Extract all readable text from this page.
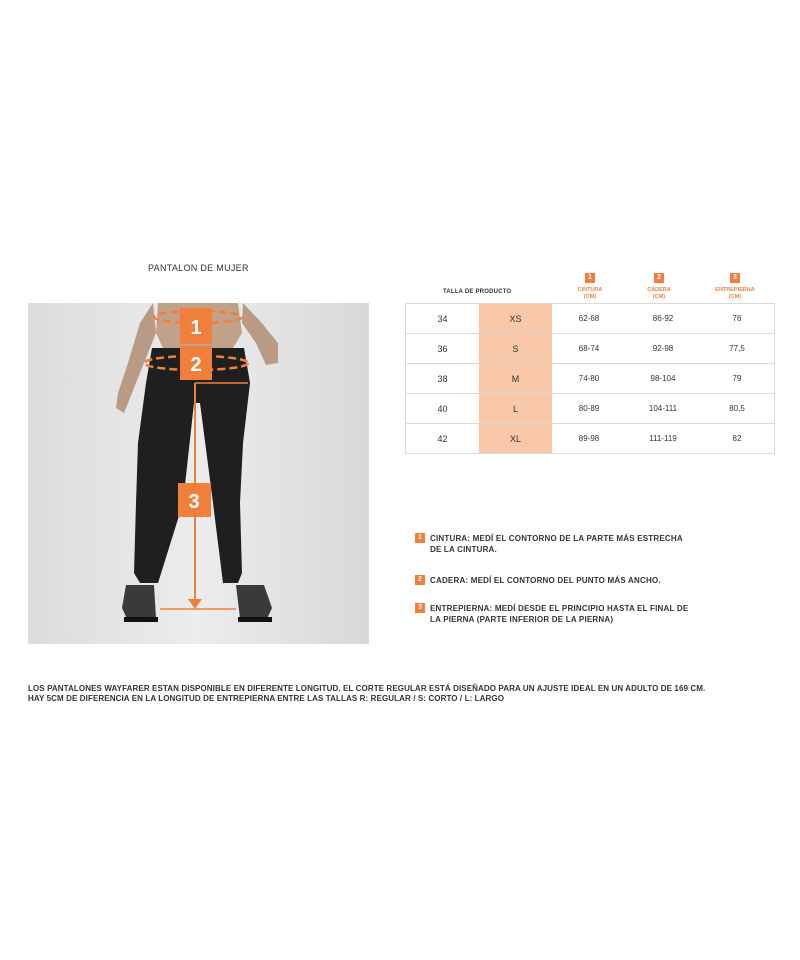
PANTALON DE MUJER
1
2
3
TALLA DE PRODUCTO
1
CINTURA
(CM)
2
CADERA
(CM)
3
ENTREPIERNA
(CM)
34	XS	62-68	86-92	76
36	S	68-74	92-98	77,5
38	M	74-80	98-104	79
40	L	80-89	104-111	80,5
42	XL	89-98	111-119	82
1 CINTURA: MEDÍ EL CONTORNO DE LA PARTE MÁS ESTRECHA
DE LA CINTURA.
2 CADERA: MEDÍ EL CONTORNO DEL PUNTO MÁS ANCHO.
3 ENTREPIERNA: MEDÍ DESDE EL PRINCIPIO HASTA EL FINAL DE
LA PIERNA (PARTE INFERIOR DE LA PIERNA)
LOS PANTALONES WAYFARER ESTAN DISPONIBLE EN DIFERENTE LONGITUD. EL CORTE REGULAR ESTÁ DISEÑADO PARA UN AJUSTE IDEAL EN UN ADULTO DE 169 CM.
HAY 5CM DE DIFERENCIA EN LA LONGITUD DE ENTREPIERNA ENTRE LAS TALLAS R: REGULAR / S: CORTO / L: LARGO
